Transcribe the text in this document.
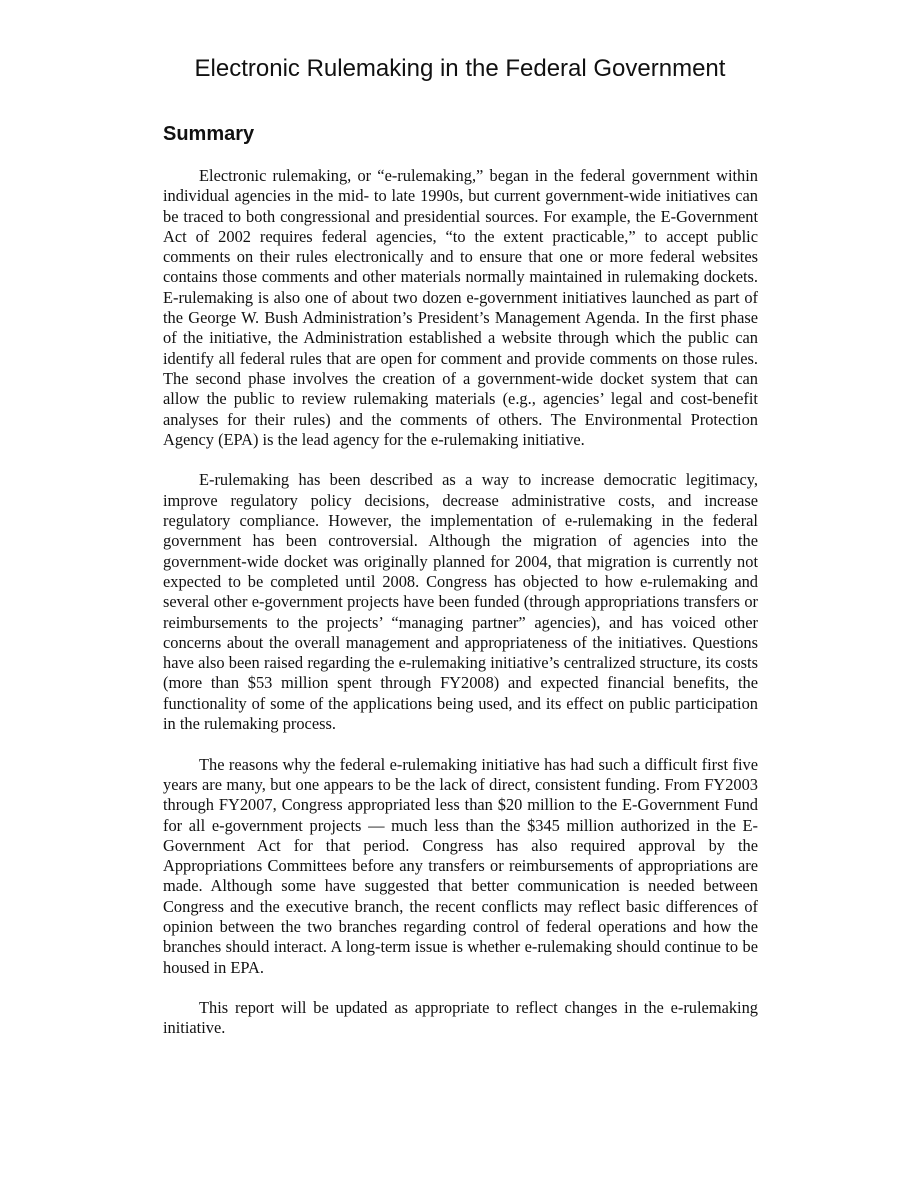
Electronic Rulemaking in the Federal Government
Summary

Electronic rulemaking, or “e-rulemaking,” began in the federal government within individual agencies in the mid- to late 1990s, but current government-wide initiatives can be traced to both congressional and presidential sources. For example, the E-Government Act of 2002 requires federal agencies, “to the extent practicable,” to accept public comments on their rules electronically and to ensure that one or more federal websites contains those comments and other materials normally maintained in rulemaking dockets. E-rulemaking is also one of about two dozen e-government initiatives launched as part of the George W. Bush Administration’s President’s Management Agenda. In the first phase of the initiative, the Administration established a website through which the public can identify all federal rules that are open for comment and provide comments on those rules. The second phase involves the creation of a government-wide docket system that can allow the public to review rulemaking materials (e.g., agencies’ legal and cost-benefit analyses for their rules) and the comments of others. The Environmental Protection Agency (EPA) is the lead agency for the e-rulemaking initiative.

E-rulemaking has been described as a way to increase democratic legitimacy, improve regulatory policy decisions, decrease administrative costs, and increase regulatory compliance. However, the implementation of e-rulemaking in the federal government has been controversial. Although the migration of agencies into the government-wide docket was originally planned for 2004, that migration is currently not expected to be completed until 2008. Congress has objected to how e-rulemaking and several other e-government projects have been funded (through appropriations transfers or reimbursements to the projects’ “managing partner” agencies), and has voiced other concerns about the overall management and appropriateness of the initiatives. Questions have also been raised regarding the e-rulemaking initiative’s centralized structure, its costs (more than $53 million spent through FY2008) and expected financial benefits, the functionality of some of the applications being used, and its effect on public participation in the rulemaking process.

The reasons why the federal e-rulemaking initiative has had such a difficult first five years are many, but one appears to be the lack of direct, consistent funding. From FY2003 through FY2007, Congress appropriated less than $20 million to the E-Government Fund for all e-government projects — much less than the $345 million authorized in the E-Government Act for that period. Congress has also required approval by the Appropriations Committees before any transfers or reimbursements of appropriations are made. Although some have suggested that better communication is needed between Congress and the executive branch, the recent conflicts may reflect basic differences of opinion between the two branches regarding control of federal operations and how the branches should interact. A long-term issue is whether e-rulemaking should continue to be housed in EPA.

This report will be updated as appropriate to reflect changes in the e-rulemaking initiative.
